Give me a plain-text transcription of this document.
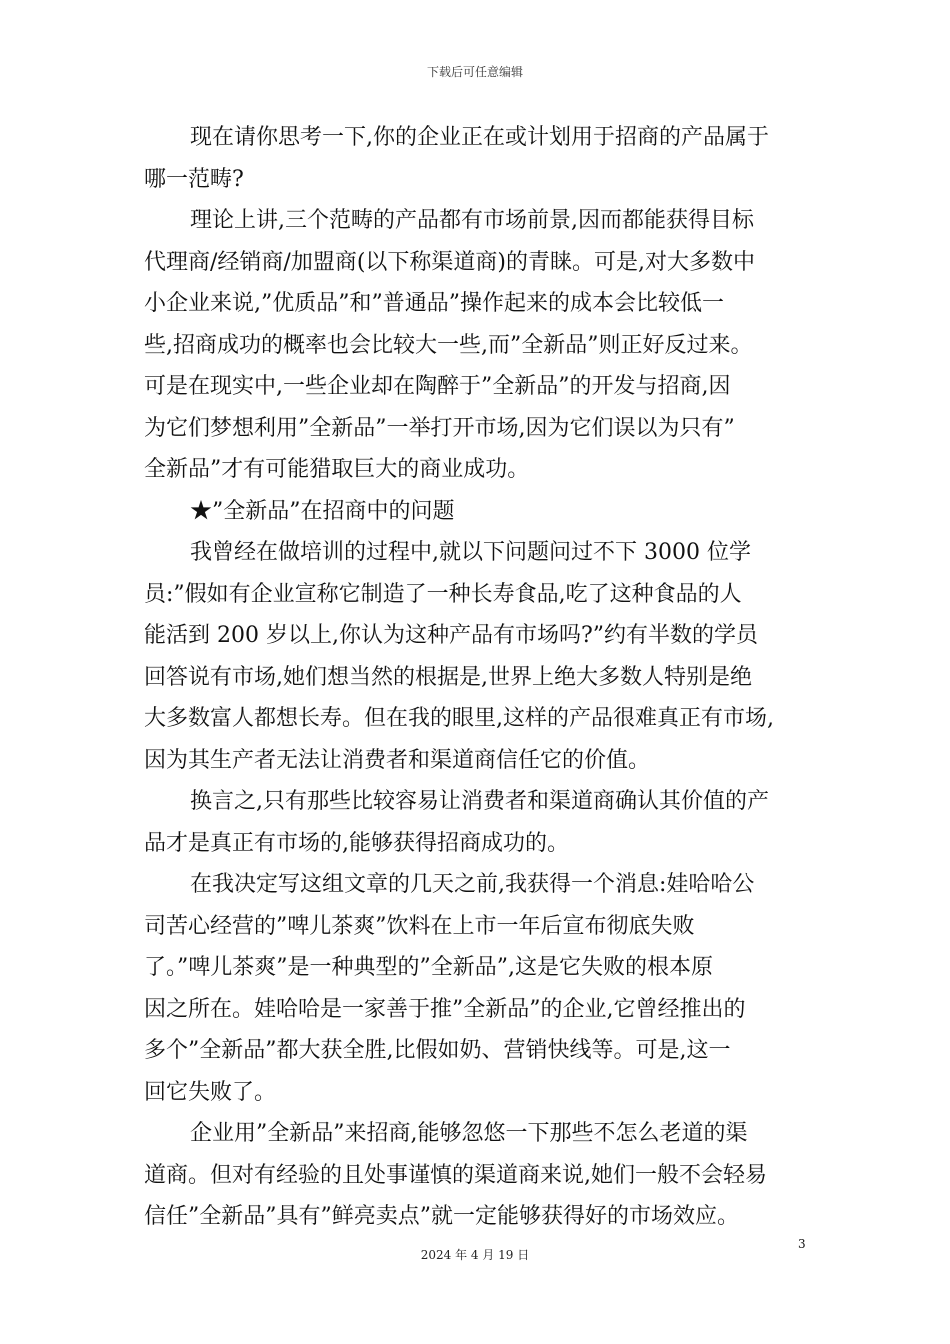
下载后可任意编辑
现在请你思考一下,你的企业正在或计划用于招商的产品属于
哪一范畴?
理论上讲,三个范畴的产品都有市场前景,因而都能获得目标
代理商/经销商/加盟商(以下称渠道商)的青睐。可是,对大多数中
小企业来说,”优质品”和”普通品”操作起来的成本会比较低一
些,招商成功的概率也会比较大一些,而”全新品”则正好反过来。
可是在现实中,一些企业却在陶醉于”全新品”的开发与招商,因
为它们梦想利用”全新品”一举打开市场,因为它们误以为只有”
全新品”才有可能猎取巨大的商业成功。
★”全新品”在招商中的问题
我曾经在做培训的过程中,就以下问题问过不下 3000 位学
员:”假如有企业宣称它制造了一种长寿食品,吃了这种食品的人
能活到 200 岁以上,你认为这种产品有市场吗?”约有半数的学员
回答说有市场,她们想当然的根据是,世界上绝大多数人特别是绝
大多数富人都想长寿。但在我的眼里,这样的产品很难真正有市场,
因为其生产者无法让消费者和渠道商信任它的价值。
换言之,只有那些比较容易让消费者和渠道商确认其价值的产
品才是真正有市场的,能够获得招商成功的。
在我决定写这组文章的几天之前,我获得一个消息:娃哈哈公
司苦心经营的”啤儿茶爽”饮料在上市一年后宣布彻底失败
了。”啤儿茶爽”是一种典型的”全新品”,这是它失败的根本原
因之所在。娃哈哈是一家善于推”全新品”的企业,它曾经推出的
多个”全新品”都大获全胜,比假如奶、营销快线等。可是,这一
回它失败了。
企业用”全新品”来招商,能够忽悠一下那些不怎么老道的渠
道商。但对有经验的且处事谨慎的渠道商来说,她们一般不会轻易
信任”全新品”具有”鲜亮卖点”就一定能够获得好的市场效应。
3
2024 年 4 月 19 日
